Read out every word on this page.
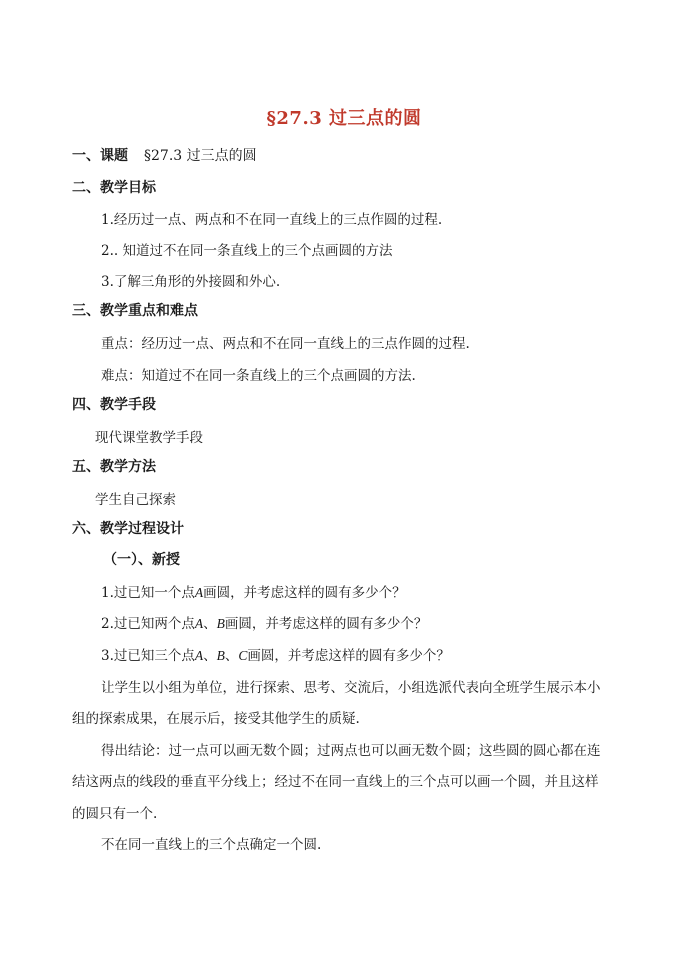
§27.3 过三点的圆
一、课题 §27.3 过三点的圆
二、教学目标
1.经历过一点、两点和不在同一直线上的三点作圆的过程.
2.. 知道过不在同一条直线上的三个点画圆的方法
3.了解三角形的外接圆和外心.
三、教学重点和难点
重点：经历过一点、两点和不在同一直线上的三点作圆的过程.
难点：知道过不在同一条直线上的三个点画圆的方法.
四、教学手段
现代课堂教学手段
五、教学方法
学生自己探索
六、教学过程设计
（一）、新授
1.过已知一个点A画圆，并考虑这样的圆有多少个？
2.过已知两个点A、B画圆，并考虑这样的圆有多少个？
3.过已知三个点A、B、C画圆，并考虑这样的圆有多少个？
让学生以小组为单位，进行探索、思考、交流后，小组选派代表向全班学生展示本小
组的探索成果，在展示后，接受其他学生的质疑.
得出结论：过一点可以画无数个圆；过两点也可以画无数个圆；这些圆的圆心都在连
结这两点的线段的垂直平分线上；经过不在同一直线上的三个点可以画一个圆，并且这样
的圆只有一个.
不在同一直线上的三个点确定一个圆.
